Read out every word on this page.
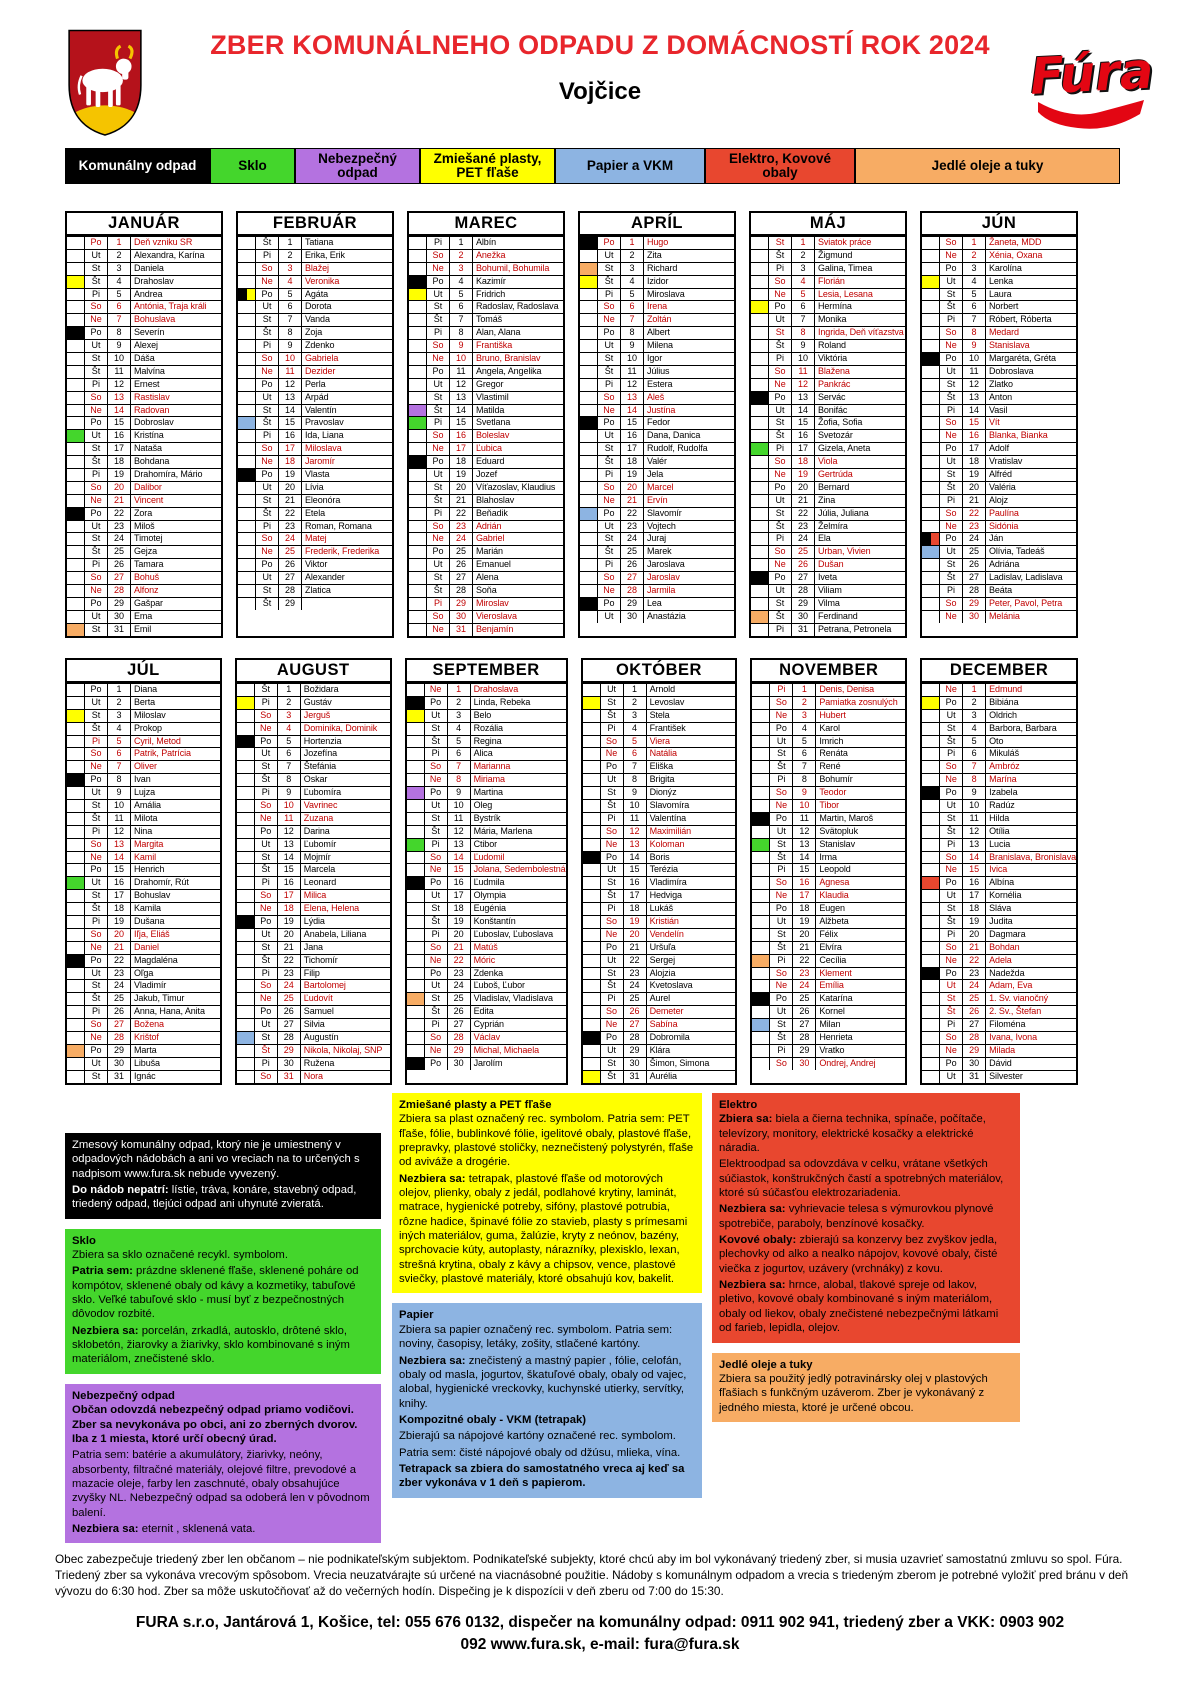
ZBER KOMUNÁLNEHO ODPADU Z DOMÁCNOSTÍ ROK 2024
Vojčice	Fúra
Komunálny odpad	Sklo	Nebezpečný odpad
Zmiešané plasty, PET fľaše	Papier a VKM	Elektro, Kovové obaly	Jedlé oleje a tuky
JANUÁR
Po	1	Deň vzniku SR
Ut	2	Alexandra, Karína
St	3	Daniela
Št	4	Drahoslav
Pi	5	Andrea
So	6	Antónia, Traja králi
Ne	7	Bohuslava
Po	8	Severín
Ut	9	Alexej
St	10	Dáša
Št	11	Malvína
Pi	12	Ernest
So	13	Rastislav
Ne	14	Radovan
Po	15	Dobroslav
Ut	16	Kristína
St	17	Nataša
Št	18	Bohdana
Pi	19	Drahomíra, Mário
So	20	Dalibor
Ne	21	Vincent
Po	22	Zora
Ut	23	Miloš
St	24	Timotej
Št	25	Gejza
Pi	26	Tamara
So	27	Bohuš
Ne	28	Alfonz
Po	29	Gašpar
Ut	30	Ema
St	31	Emil
FEBRUÁR
Št	1	Tatiana
Pi	2	Erika, Erik
So	3	Blažej
Ne	4	Veronika
Po	5	Agáta
Ut	6	Dorota
St	7	Vanda
Št	8	Zoja
Pi	9	Zdenko
So	10	Gabriela
Ne	11	Dezider
Po	12	Perla
Ut	13	Arpád
St	14	Valentín
Št	15	Pravoslav
Pi	16	Ida, Liana
So	17	Miloslava
Ne	18	Jaromír
Po	19	Vlasta
Ut	20	Lívia
St	21	Eleonóra
Št	22	Etela
Pi	23	Roman, Romana
So	24	Matej
Ne	25	Frederik, Frederika
Po	26	Viktor
Ut	27	Alexander
St	28	Zlatica
Št	29
MAREC
Pi	1	Albín
So	2	Anežka
Ne	3	Bohumil, Bohumila
Po	4	Kazimír
Ut	5	Fridrich
St	6	Radoslav, Radoslava
Št	7	Tomáš
Pi	8	Alan, Alana
So	9	Františka
Ne	10	Bruno, Branislav
Po	11	Angela, Angelika
Ut	12	Gregor
St	13	Vlastimil
Št	14	Matilda
Pi	15	Svetlana
So	16	Boleslav
Ne	17	Ľubica
Po	18	Eduard
Ut	19	Jozef
St	20	Víťazoslav, Klaudius
Št	21	Blahoslav
Pi	22	Beňadik
So	23	Adrián
Ne	24	Gabriel
Po	25	Marián
Ut	26	Emanuel
St	27	Alena
Št	28	Soňa
Pi	29	Miroslav
So	30	Vieroslava
Ne	31	Benjamín
APRÍL
Po	1	Hugo
Ut	2	Zita
St	3	Richard
Št	4	Izidor
Pi	5	Miroslava
So	6	Irena
Ne	7	Zoltán
Po	8	Albert
Ut	9	Milena
St	10	Igor
Št	11	Július
Pi	12	Estera
So	13	Aleš
Ne	14	Justína
Po	15	Fedor
Ut	16	Dana, Danica
St	17	Rudolf, Rudolfa
Št	18	Valér
Pi	19	Jela
So	20	Marcel
Ne	21	Ervín
Po	22	Slavomír
Ut	23	Vojtech
St	24	Juraj
Št	25	Marek
Pi	26	Jaroslava
So	27	Jaroslav
Ne	28	Jarmila
Po	29	Lea
Ut	30	Anastázia
MÁJ
St	1	Sviatok práce
Št	2	Žigmund
Pi	3	Galina, Timea
So	4	Florián
Ne	5	Lesia, Lesana
Po	6	Hermína
Ut	7	Monika
St	8	Ingrida, Deň víťazstva
Št	9	Roland
Pi	10	Viktória
So	11	Blažena
Ne	12	Pankrác
Po	13	Servác
Ut	14	Bonifác
St	15	Žofia, Sofia
Št	16	Svetozár
Pi	17	Gizela, Aneta
So	18	Viola
Ne	19	Gertrúda
Po	20	Bernard
Ut	21	Zina
St	22	Júlia, Juliana
Št	23	Želmíra
Pi	24	Ela
So	25	Urban, Vivien
Ne	26	Dušan
Po	27	Iveta
Ut	28	Viliam
St	29	Vilma
Št	30	Ferdinand
Pi	31	Petrana, Petronela
JÚN
So	1	Žaneta, MDD
Ne	2	Xénia, Oxana
Po	3	Karolína
Ut	4	Lenka
St	5	Laura
Št	6	Norbert
Pi	7	Róbert, Róberta
So	8	Medard
Ne	9	Stanislava
Po	10	Margaréta, Gréta
Ut	11	Dobroslava
St	12	Zlatko
Št	13	Anton
Pi	14	Vasil
So	15	Vít
Ne	16	Blanka, Bianka
Po	17	Adolf
Ut	18	Vratislav
St	19	Alfréd
Št	20	Valéria
Pi	21	Alojz
So	22	Paulína
Ne	23	Sidónia
Po	24	Ján
Ut	25	Olívia, Tadeáš
St	26	Adriána
Št	27	Ladislav, Ladislava
Pi	28	Beáta
So	29	Peter, Pavol, Petra
Ne	30	Melánia
JÚL
Po	1	Diana
Ut	2	Berta
St	3	Miloslav
Št	4	Prokop
Pi	5	Cyril, Metod
So	6	Patrik, Patrícia
Ne	7	Oliver
Po	8	Ivan
Ut	9	Lujza
St	10	Amália
Št	11	Milota
Pi	12	Nina
So	13	Margita
Ne	14	Kamil
Po	15	Henrich
Ut	16	Drahomír, Rút
St	17	Bohuslav
Št	18	Kamila
Pi	19	Dušana
So	20	Iľja, Eliáš
Ne	21	Daniel
Po	22	Magdaléna
Ut	23	Oľga
St	24	Vladimír
Št	25	Jakub, Timur
Pi	26	Anna, Hana, Anita
So	27	Božena
Ne	28	Krištof
Po	29	Marta
Ut	30	Libuša
St	31	Ignác
AUGUST
Št	1	Božidara
Pi	2	Gustáv
So	3	Jerguš
Ne	4	Dominika, Dominik
Po	5	Hortenzia
Ut	6	Jozefína
St	7	Štefánia
Št	8	Oskar
Pi	9	Ľubomíra
So	10	Vavrinec
Ne	11	Zuzana
Po	12	Darina
Ut	13	Ľubomír
St	14	Mojmír
Št	15	Marcela
Pi	16	Leonard
So	17	Milica
Ne	18	Elena, Helena
Po	19	Lýdia
Ut	20	Anabela, Liliana
St	21	Jana
Št	22	Tichomír
Pi	23	Filip
So	24	Bartolomej
Ne	25	Ľudovít
Po	26	Samuel
Ut	27	Silvia
St	28	Augustín
Št	29	Nikola, Nikolaj, SNP
Pi	30	Ružena
So	31	Nora
SEPTEMBER
Ne	1	Drahoslava
Po	2	Linda, Rebeka
Ut	3	Belo
St	4	Rozália
Št	5	Regina
Pi	6	Alica
So	7	Marianna
Ne	8	Miriama
Po	9	Martina
Ut	10	Oleg
St	11	Bystrík
Št	12	Mária, Marlena
Pi	13	Ctibor
So	14	Ľudomil
Ne	15	Jolana, Sedembolestná
Po	16	Ľudmila
Ut	17	Olympia
St	18	Eugénia
Št	19	Konštantín
Pi	20	Ľuboslav, Ľuboslava
So	21	Matúš
Ne	22	Móric
Po	23	Zdenka
Ut	24	Ľuboš, Ľubor
St	25	Vladislav, Vladislava
Št	26	Edita
Pi	27	Cyprián
So	28	Václav
Ne	29	Michal, Michaela
Po	30	Jarolím
OKTÓBER
Ut	1	Arnold
St	2	Levoslav
Št	3	Stela
Pi	4	František
So	5	Viera
Ne	6	Natália
Po	7	Eliška
Ut	8	Brigita
St	9	Dionýz
Št	10	Slavomíra
Pi	11	Valentína
So	12	Maximilián
Ne	13	Koloman
Po	14	Boris
Ut	15	Terézia
St	16	Vladimíra
Št	17	Hedviga
Pi	18	Lukáš
So	19	Kristián
Ne	20	Vendelín
Po	21	Uršuľa
Ut	22	Sergej
St	23	Alojzia
Št	24	Kvetoslava
Pi	25	Aurel
So	26	Demeter
Ne	27	Sabína
Po	28	Dobromila
Ut	29	Klára
St	30	Šimon, Simona
Št	31	Aurélia
NOVEMBER
Pi	1	Denis, Denisa
So	2	Pamiatka zosnulých
Ne	3	Hubert
Po	4	Karol
Ut	5	Imrich
St	6	Renáta
Št	7	René
Pi	8	Bohumír
So	9	Teodor
Ne	10	Tibor
Po	11	Martin, Maroš
Ut	12	Svätopluk
St	13	Stanislav
Št	14	Irma
Pi	15	Leopold
So	16	Agnesa
Ne	17	Klaudia
Po	18	Eugen
Ut	19	Alžbeta
St	20	Félix
Št	21	Elvíra
Pi	22	Cecília
So	23	Klement
Ne	24	Emília
Po	25	Katarína
Ut	26	Kornel
St	27	Milan
Št	28	Henrieta
Pi	29	Vratko
So	30	Ondrej, Andrej
DECEMBER
Ne	1	Edmund
Po	2	Bibiána
Ut	3	Oldrich
St	4	Barbora, Barbara
Št	5	Oto
Pi	6	Mikuláš
So	7	Ambróz
Ne	8	Marína
Po	9	Izabela
Ut	10	Radúz
St	11	Hilda
Št	12	Otília
Pi	13	Lucia
So	14	Branislava, Bronislava
Ne	15	Ivica
Po	16	Albína
Ut	17	Kornélia
St	18	Sláva
Št	19	Judita
Pi	20	Dagmara
So	21	Bohdan
Ne	22	Adela
Po	23	Nadežda
Ut	24	Adam, Eva
St	25	1. Sv. vianočný
Št	26	2. Sv., Štefan
Pi	27	Filoména
So	28	Ivana, Ivona
Ne	29	Milada
Po	30	Dávid
Ut	31	Silvester

Zmesový komunálny odpad, ktorý nie je umiestnený v odpadových nádobách a ani vo vreciach na to určených s nadpisom www.fura.sk nebude vyvezený.

Do nádob nepatrí: lístie, tráva, konáre, stavebný odpad, triedený odpad, tlejúci odpad ani uhynuté zvieratá.

Sklo

Zbiera sa sklo označené recykl. symbolom.

Patria sem: prázdne sklenené fľaše, sklenené poháre od kompótov, sklenené obaly od kávy a kozmetiky, tabuľové sklo. Veľké tabuľové sklo - musí byť z bezpečnostných dôvodov rozbité.

Nezbiera sa: porcelán, zrkadlá, autosklo, drôtené sklo, sklobetón, žiarovky a žiarivky, sklo kombinované s iným materiálom, znečistené sklo.

Nebezpečný odpad

Občan odovzdá nebezpečný odpad priamo vodičovi. Zber sa nevykonáva po obci, ani zo zberných dvorov. Iba z 1 miesta, ktoré určí obecný úrad.

Patria sem: batérie a akumulátory, žiarivky, neóny, absorbenty, filtračné materiály, olejové filtre, prevodové a mazacie oleje, farby len zaschnuté, obaly obsahujúce zvyšky NL. Nebezpečný odpad sa odoberá len v pôvodnom balení.

Nezbiera sa: eternit , sklenená vata.

Zmiešané plasty a PET fľaše

Zbiera sa plast označený rec. symbolom. Patria sem: PET fľaše, fólie, bublinkové fólie, igelitové obaly, plastové fľaše, prepravky, plastové stoličky, neznečistený polystyrén, fľaše od aviváže a drogérie.

Nezbiera sa: tetrapak, plastové fľaše od motorových olejov, plienky, obaly z jedál, podlahové krytiny, laminát, matrace, hygienické potreby, sifóny, plastové potrubia, rôzne hadice, špinavé fólie zo stavieb, plasty s prímesami iných materiálov, guma, žalúzie, kryty z neónov, bazény, sprchovacie kúty, autoplasty, nárazníky, plexisklo, lexan, strešná krytina, obaly z kávy a chipsov, vence, plastové sviečky, plastové materiály, ktoré obsahujú kov, bakelit.

Papier

Zbiera sa papier označený rec. symbolom. Patria sem: noviny, časopisy, letáky, zošity, stlačené kartóny.

Nezbiera sa: znečistený a mastný papier , fólie, celofán, obaly od masla, jogurtov, škatuľové obaly, obaly od vajec, alobal, hygienické vreckovky, kuchynské utierky, servítky, knihy.

Kompozitné obaly - VKM (tetrapak)

Zbierajú sa nápojové kartóny označené rec. symbolom.

Patria sem: čisté nápojové obaly od džúsu, mlieka, vína.

Tetrapack sa zbiera do samostatného vreca aj keď sa zber vykonáva v 1 deň s papierom.

Elektro

Zbiera sa: biela a čierna technika, spínače, počítače, televízory, monitory, elektrické kosačky a elektrické náradia.

Elektroodpad sa odovzdáva v celku, vrátane všetkých súčiastok, konštrukčných častí a spotrebných materiálov, ktoré sú súčasťou elektrozariadenia.

Nezbiera sa: vyhrievacie telesa s výmurovkou plynové spotrebiče, paraboly, benzínové kosačky.

Kovové obaly: zbierajú sa konzervy bez zvyškov jedla, plechovky od alko a nealko nápojov, kovové obaly, čisté viečka z jogurtov, uzávery (vrchnáky) z kovu.

Nezbiera sa: hrnce, alobal, tlakové spreje od lakov, pletivo, kovové obaly kombinované s iným materiálom, obaly od liekov, obaly znečistené nebezpečnými látkami od farieb, lepidla, olejov.

Jedlé oleje a tuky

Zbiera sa použitý jedlý potravinársky olej v plastových fľašiach s funkčným uzáverom. Zber je vykonávaný z jedného miesta, ktoré je určené obcou.

Obec zabezpečuje triedený zber len občanom – nie podnikateľským subjektom. Podnikateľské subjekty, ktoré chcú aby im bol vykonávaný triedený zber, si musia uzavrieť samostatnú zmluvu so spol. Fúra. Triedený zber sa vykonáva vrecovým spôsobom. Vrecia neuzatvárajte sú určené na viacnásobné použitie. Nádoby s komunálnym odpadom a vrecia s triedeným zberom je potrebné vyložiť pred bránu v deň vývozu do 6:30 hod. Zber sa môže uskutočňovať až do večerných hodín. Dispečing je k dispozícii v deň zberu od 7:00 do 15:30.
FURA s.r.o, Jantárová 1, Košice, tel: 055 676 0132, dispečer na komunálny odpad: 0911 902 941, triedený zber a VKK: 0903 902
092 www.fura.sk, e-mail: fura@fura.sk
